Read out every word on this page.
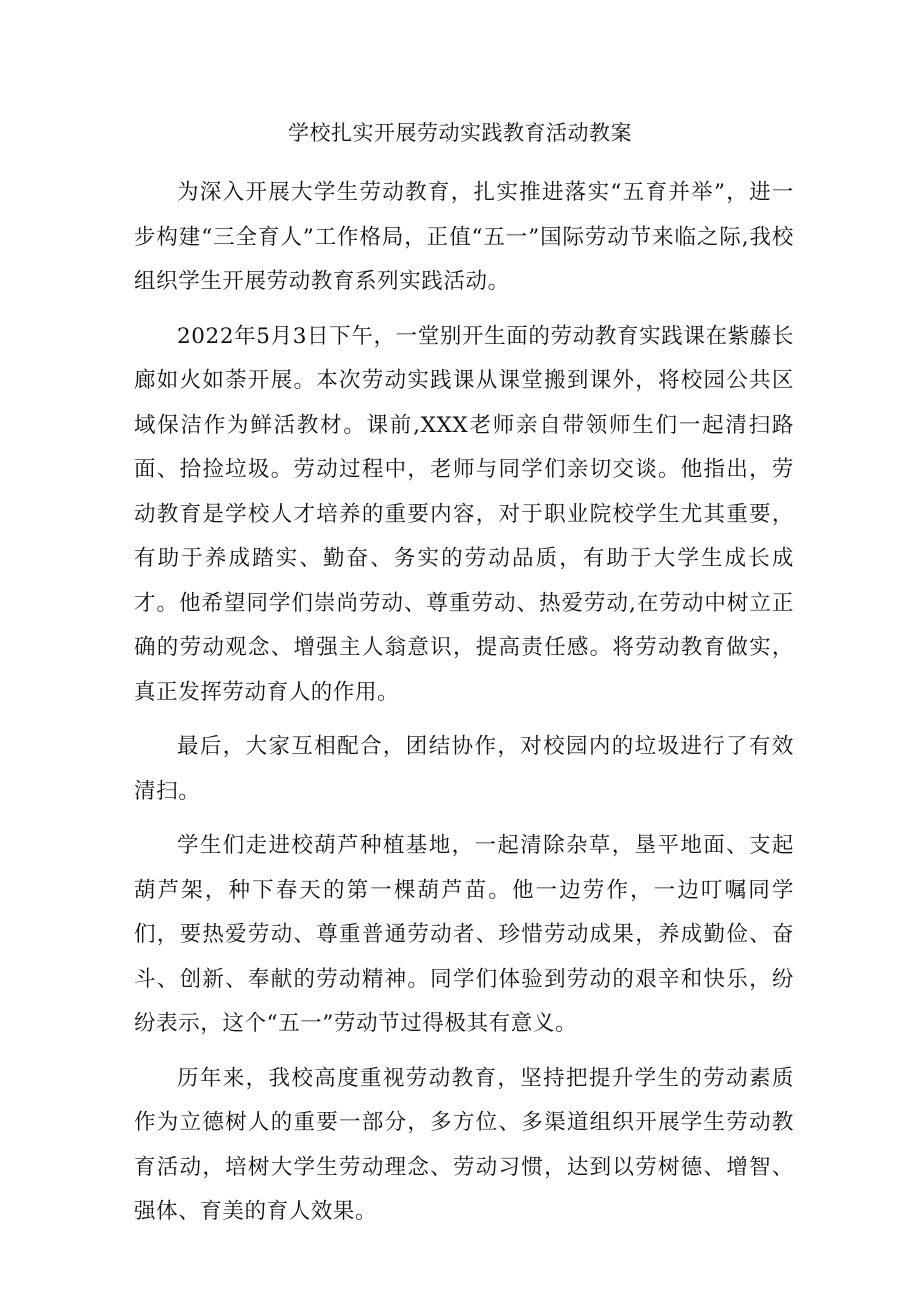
学校扎实开展劳动实践教育活动教案

为深入开展大学生劳动教育，扎实推进落实“五育并举”，进一步构建“三全育人”工作格局，正值“五一”国际劳动节来临之际,我校组织学生开展劳动教育系列实践活动。

2022年5月3日下午，一堂别开生面的劳动教育实践课在紫藤长廊如火如荼开展。本次劳动实践课从课堂搬到课外，将校园公共区域保洁作为鲜活教材。课前,XXX老师亲自带领师生们一起清扫路面、拾捡垃圾。劳动过程中，老师与同学们亲切交谈。他指出，劳动教育是学校人才培养的重要内容，对于职业院校学生尤其重要，有助于养成踏实、勤奋、务实的劳动品质，有助于大学生成长成才。他希望同学们崇尚劳动、尊重劳动、热爱劳动,在劳动中树立正确的劳动观念、增强主人翁意识，提高责任感。将劳动教育做实，真正发挥劳动育人的作用。

最后，大家互相配合，团结协作，对校园内的垃圾进行了有效清扫。

学生们走进校葫芦种植基地，一起清除杂草，垦平地面、支起葫芦架，种下春天的第一棵葫芦苗。他一边劳作，一边叮嘱同学们，要热爱劳动、尊重普通劳动者、珍惜劳动成果，养成勤俭、奋斗、创新、奉献的劳动精神。同学们体验到劳动的艰辛和快乐，纷纷表示，这个“五一”劳动节过得极其有意义。

历年来，我校高度重视劳动教育，坚持把提升学生的劳动素质作为立德树人的重要一部分，多方位、多渠道组织开展学生劳动教育活动，培树大学生劳动理念、劳动习惯，达到以劳树德、增智、强体、育美的育人效果。
